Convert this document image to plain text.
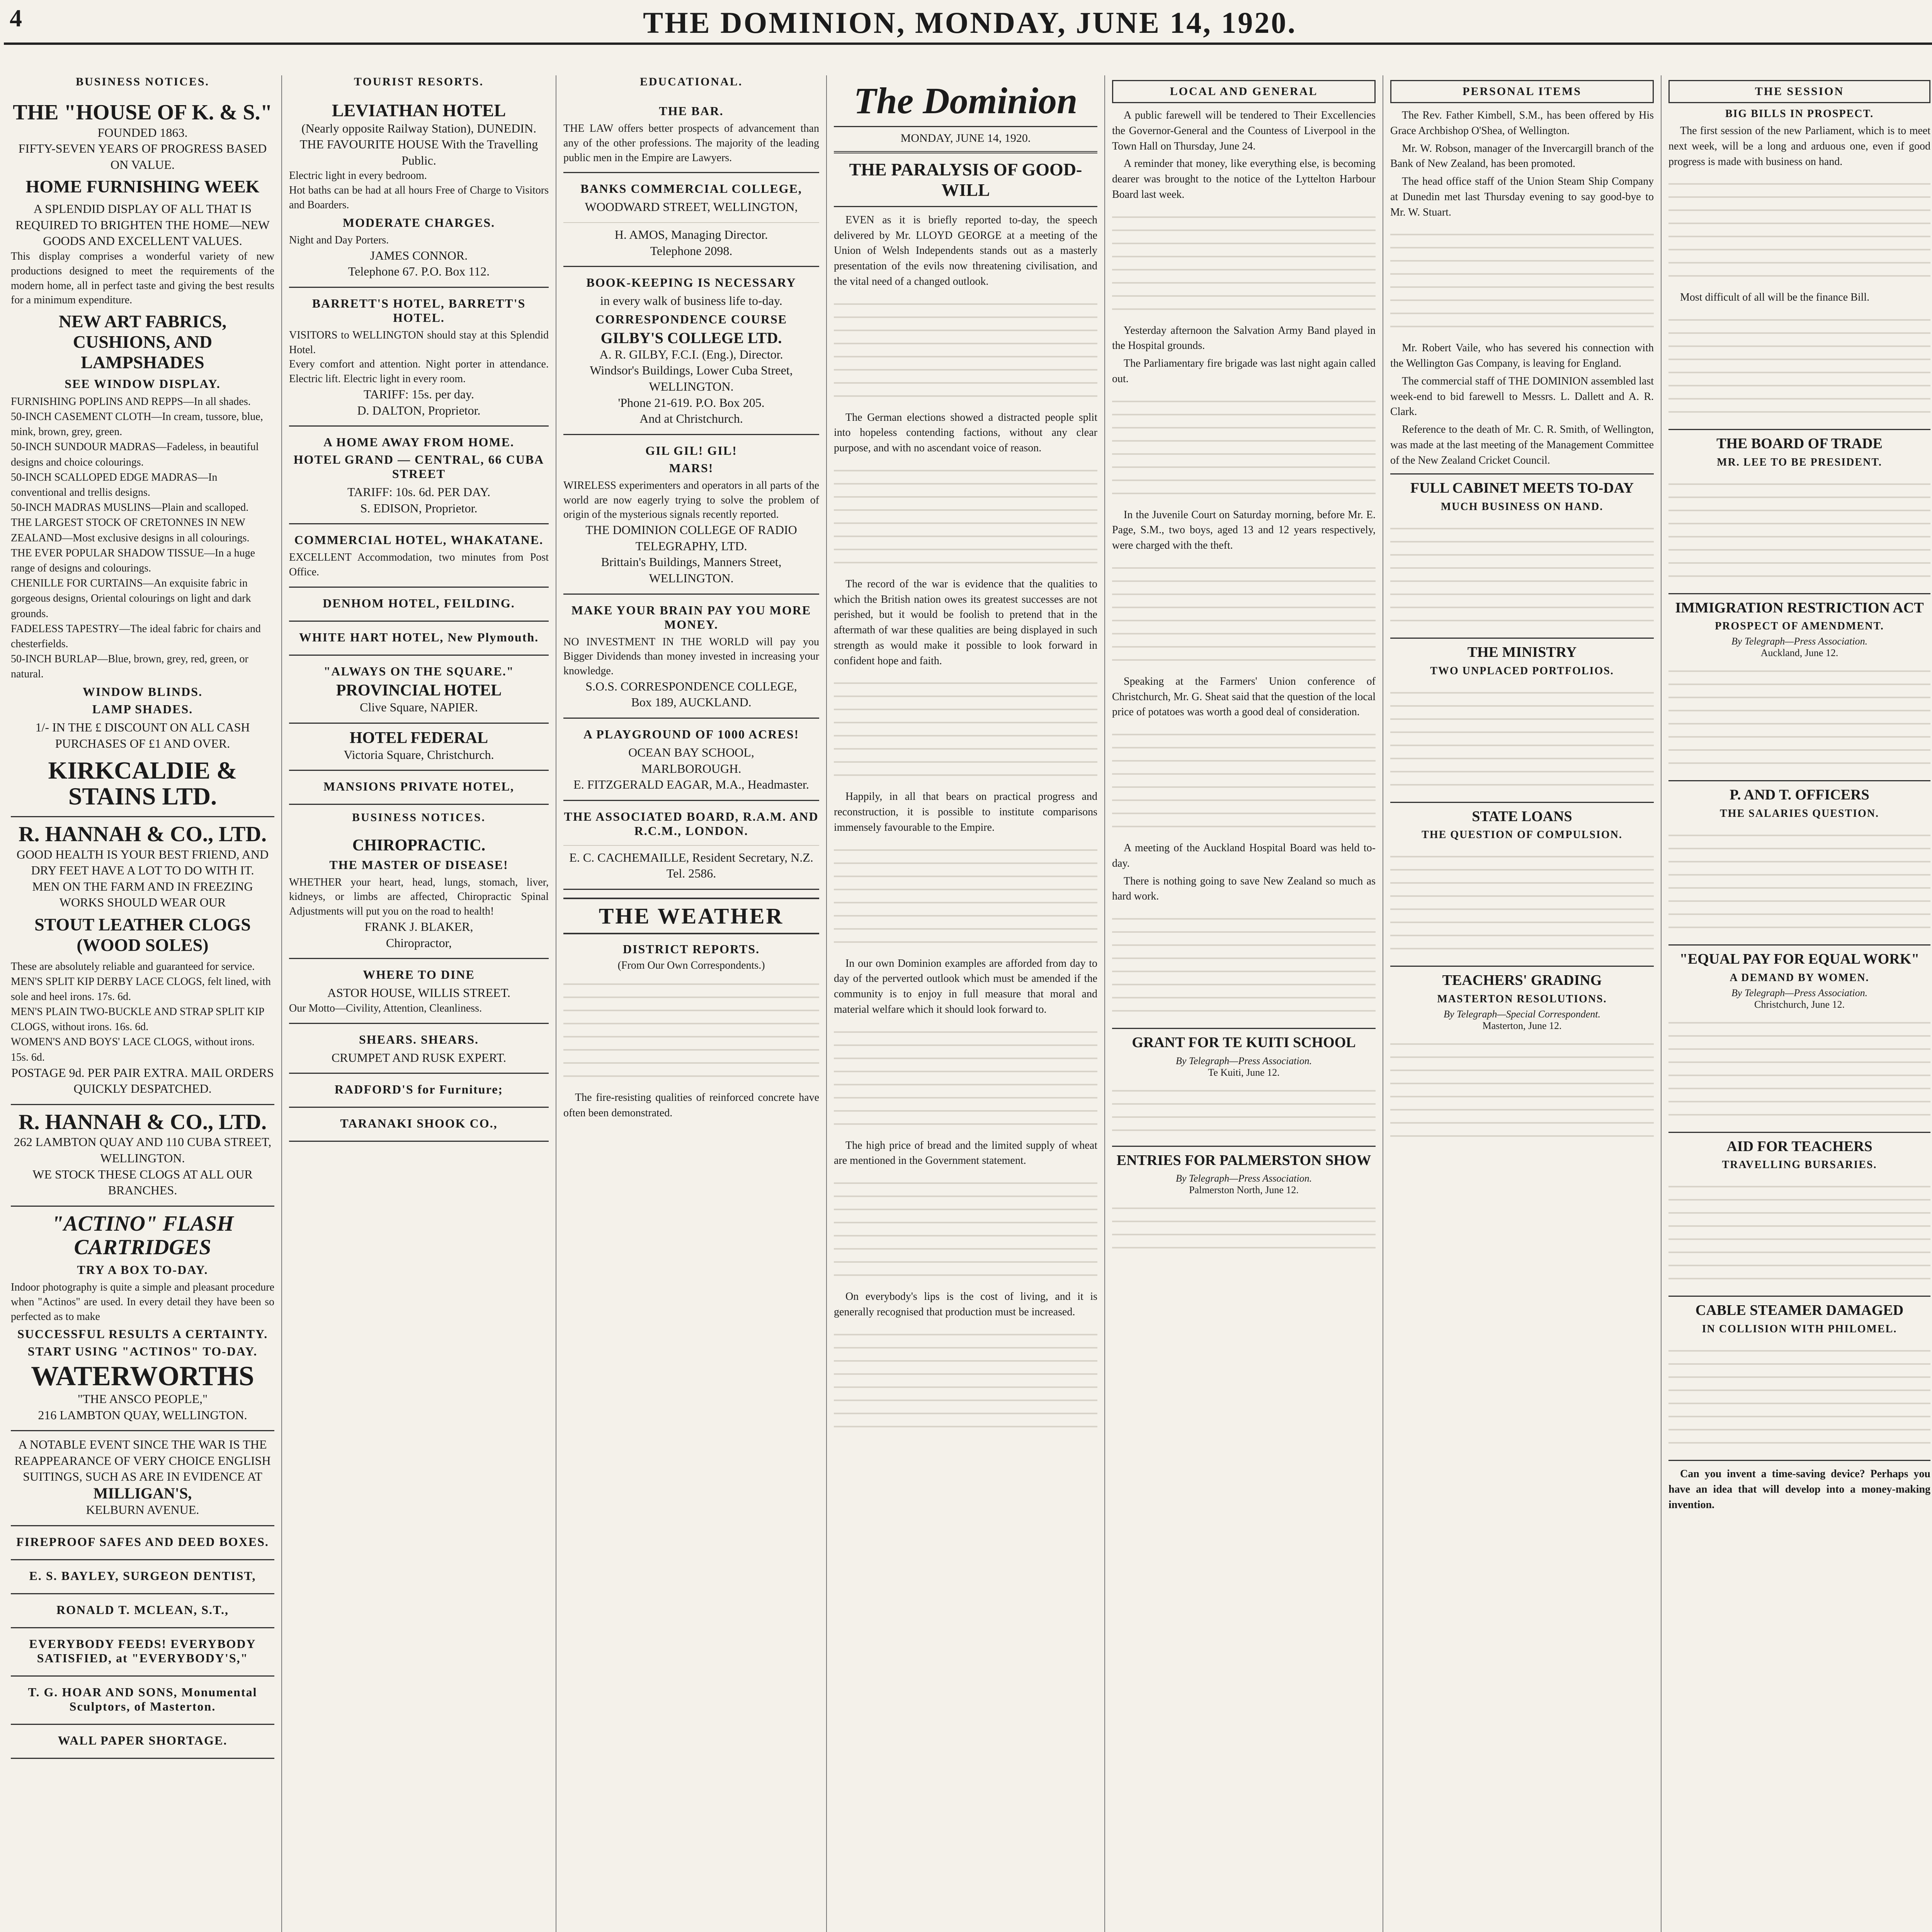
4	THE DOMINION, MONDAY, JUNE 14, 1920.
BUSINESS NOTICES.
THE "HOUSE OF K. & S."
FOUNDED 1863.
FIFTY-SEVEN YEARS OF PROGRESS BASED ON VALUE.
HOME FURNISHING WEEK
A SPLENDID DISPLAY OF ALL THAT IS REQUIRED TO BRIGHTEN THE HOME—NEW GOODS AND EXCELLENT VALUES.
This display comprises a wonderful variety of new productions designed to meet the requirements of the modern home, all in perfect taste and giving the best results for a minimum expenditure.
NEW ART FABRICS, CUSHIONS, AND LAMPSHADES
SEE WINDOW DISPLAY.
FURNISHING POPLINS AND REPPS—In all shades.
50-INCH CASEMENT CLOTH—In cream, tussore, blue, mink, brown, grey, green.
50-INCH SUNDOUR MADRAS—Fadeless, in beautiful designs and choice colourings.
50-INCH SCALLOPED EDGE MADRAS—In conventional and trellis designs.
50-INCH MADRAS MUSLINS—Plain and scalloped.
THE LARGEST STOCK OF CRETONNES IN NEW ZEALAND—Most exclusive designs in all colourings.
THE EVER POPULAR SHADOW TISSUE—In a huge range of designs and colourings.
CHENILLE FOR CURTAINS—An exquisite fabric in gorgeous designs, Oriental colourings on light and dark grounds.
FADELESS TAPESTRY—The ideal fabric for chairs and chesterfields.
50-INCH BURLAP—Blue, brown, grey, red, green, or natural.
WINDOW BLINDS.
LAMP SHADES.
1/- IN THE £ DISCOUNT ON ALL CASH PURCHASES OF £1 AND OVER.
KIRKCALDIE & STAINS LTD.
R. HANNAH & CO., LTD.
GOOD HEALTH IS YOUR BEST FRIEND, AND DRY FEET HAVE A LOT TO DO WITH IT.
MEN ON THE FARM AND IN FREEZING WORKS SHOULD WEAR OUR
STOUT LEATHER CLOGS (WOOD SOLES)
These are absolutely reliable and guaranteed for service.
MEN'S SPLIT KIP DERBY LACE CLOGS, felt lined, with sole and heel irons. 17s. 6d.
MEN'S PLAIN TWO-BUCKLE AND STRAP SPLIT KIP CLOGS, without irons. 16s. 6d.
WOMEN'S AND BOYS' LACE CLOGS, without irons. 15s. 6d.
POSTAGE 9d. PER PAIR EXTRA. MAIL ORDERS QUICKLY DESPATCHED.
R. HANNAH & CO., LTD.
262 LAMBTON QUAY AND 110 CUBA STREET, WELLINGTON.
WE STOCK THESE CLOGS AT ALL OUR BRANCHES.
"ACTINO" FLASH CARTRIDGES
TRY A BOX TO-DAY.
Indoor photography is quite a simple and pleasant procedure when "Actinos" are used. In every detail they have been so perfected as to make
SUCCESSFUL RESULTS A CERTAINTY.
START USING "ACTINOS" TO-DAY.
WATERWORTHS
"THE ANSCO PEOPLE,"
216 LAMBTON QUAY, WELLINGTON.
A NOTABLE EVENT SINCE THE WAR IS THE REAPPEARANCE OF VERY CHOICE ENGLISH SUITINGS, SUCH AS ARE IN EVIDENCE AT
MILLIGAN'S,
KELBURN AVENUE.
FIREPROOF SAFES AND DEED BOXES.
E. S. BAYLEY, SURGEON DENTIST,
RONALD T. MCLEAN, S.T.,
EVERYBODY FEEDS! EVERYBODY SATISFIED, at "EVERYBODY'S,"
T. G. HOAR AND SONS, Monumental Sculptors, of Masterton.
WALL PAPER SHORTAGE.
TOURIST RESORTS.
LEVIATHAN HOTEL
(Nearly opposite Railway Station), DUNEDIN.
THE FAVOURITE HOUSE With the Travelling Public.
Electric light in every bedroom.
Hot baths can be had at all hours Free of Charge to Visitors and Boarders.
MODERATE CHARGES.
Night and Day Porters.
JAMES CONNOR.
Telephone 67. P.O. Box 112.
BARRETT'S HOTEL, BARRETT'S HOTEL.
VISITORS to WELLINGTON should stay at this Splendid Hotel.
Every comfort and attention. Night porter in attendance. Electric lift. Electric light in every room.
TARIFF: 15s. per day.
D. DALTON, Proprietor.
A HOME AWAY FROM HOME.
HOTEL GRAND — CENTRAL, 66 CUBA STREET
TARIFF: 10s. 6d. PER DAY.
S. EDISON, Proprietor.
COMMERCIAL HOTEL, WHAKATANE.
EXCELLENT Accommodation, two minutes from Post Office.
DENHOM HOTEL, FEILDING.
WHITE HART HOTEL, New Plymouth.
"ALWAYS ON THE SQUARE."
PROVINCIAL HOTEL
Clive Square, NAPIER.
HOTEL FEDERAL
Victoria Square, Christchurch.
MANSIONS PRIVATE HOTEL,
BUSINESS NOTICES.
CHIROPRACTIC.
THE MASTER OF DISEASE!
WHETHER your heart, head, lungs, stomach, liver, kidneys, or limbs are affected, Chiropractic Spinal Adjustments will put you on the road to health!
FRANK J. BLAKER,
Chiropractor,
WHERE TO DINE
ASTOR HOUSE, WILLIS STREET.
Our Motto—Civility, Attention, Cleanliness.
SHEARS. SHEARS.
CRUMPET AND RUSK EXPERT.
RADFORD'S for Furniture;
TARANAKI SHOOK CO.,
EDUCATIONAL.
THE BAR.
THE LAW offers better prospects of advancement than any of the other professions. The majority of the leading public men in the Empire are Lawyers.
BANKS COMMERCIAL COLLEGE,
WOODWARD STREET, WELLINGTON,
H. AMOS, Managing Director.
Telephone 2098.
BOOK-KEEPING IS NECESSARY
in every walk of business life to-day.
CORRESPONDENCE COURSE
GILBY'S COLLEGE LTD.
A. R. GILBY, F.C.I. (Eng.), Director.
Windsor's Buildings, Lower Cuba Street, WELLINGTON.
'Phone 21-619. P.O. Box 205.
And at Christchurch.
GIL GIL! GIL!
MARS!
WIRELESS experimenters and operators in all parts of the world are now eagerly trying to solve the problem of origin of the mysterious signals recently reported.
THE DOMINION COLLEGE OF RADIO TELEGRAPHY, LTD.
Brittain's Buildings, Manners Street, WELLINGTON.
MAKE YOUR BRAIN PAY YOU MORE MONEY.
NO INVESTMENT IN THE WORLD will pay you Bigger Dividends than money invested in increasing your knowledge.
S.O.S. CORRESPONDENCE COLLEGE,
Box 189, AUCKLAND.
A PLAYGROUND OF 1000 ACRES!
OCEAN BAY SCHOOL,
MARLBOROUGH.
E. FITZGERALD EAGAR, M.A., Headmaster.
THE ASSOCIATED BOARD, R.A.M. AND R.C.M., LONDON.
E. C. CACHEMAILLE, Resident Secretary, N.Z.
Tel. 2586.
THE WEATHER
DISTRICT REPORTS.
(From Our Own Correspondents.)
The fire-resisting qualities of reinforced concrete have often been demonstrated.
The Dominion
MONDAY, JUNE 14, 1920.
THE PARALYSIS OF GOOD-WILL
EVEN as it is briefly reported to-day, the speech delivered by Mr. LLOYD GEORGE at a meeting of the Union of Welsh Independents stands out as a masterly presentation of the evils now threatening civilisation, and the vital need of a changed outlook.
The German elections showed a distracted people split into hopeless contending factions, without any clear purpose, and with no ascendant voice of reason.
The record of the war is evidence that the qualities to which the British nation owes its greatest successes are not perished, but it would be foolish to pretend that in the aftermath of war these qualities are being displayed in such strength as would make it possible to look forward in confident hope and faith.
Happily, in all that bears on practical progress and reconstruction, it is possible to institute comparisons immensely favourable to the Empire.
In our own Dominion examples are afforded from day to day of the perverted outlook which must be amended if the community is to enjoy in full measure that moral and material welfare which it should look forward to.
The high price of bread and the limited supply of wheat are mentioned in the Government statement.
On everybody's lips is the cost of living, and it is generally recognised that production must be increased.
LOCAL AND GENERAL
A public farewell will be tendered to Their Excellencies the Governor-General and the Countess of Liverpool in the Town Hall on Thursday, June 24.
A reminder that money, like everything else, is becoming dearer was brought to the notice of the Lyttelton Harbour Board last week.
Yesterday afternoon the Salvation Army Band played in the Hospital grounds.
The Parliamentary fire brigade was last night again called out.
In the Juvenile Court on Saturday morning, before Mr. E. Page, S.M., two boys, aged 13 and 12 years respectively, were charged with the theft.
Speaking at the Farmers' Union conference of Christchurch, Mr. G. Sheat said that the question of the local price of potatoes was worth a good deal of consideration.
A meeting of the Auckland Hospital Board was held to-day.
There is nothing going to save New Zealand so much as hard work.
GRANT FOR TE KUITI SCHOOL
By Telegraph—Press Association.
Te Kuiti, June 12.
ENTRIES FOR PALMERSTON SHOW
By Telegraph—Press Association.
Palmerston North, June 12.
PERSONAL ITEMS
The Rev. Father Kimbell, S.M., has been offered by His Grace Archbishop O'Shea, of Wellington.
Mr. W. Robson, manager of the Invercargill branch of the Bank of New Zealand, has been promoted.
The head office staff of the Union Steam Ship Company at Dunedin met last Thursday evening to say good-bye to Mr. W. Stuart.
Mr. Robert Vaile, who has severed his connection with the Wellington Gas Company, is leaving for England.
The commercial staff of THE DOMINION assembled last week-end to bid farewell to Messrs. L. Dallett and A. R. Clark.
Reference to the death of Mr. C. R. Smith, of Wellington, was made at the last meeting of the Management Committee of the New Zealand Cricket Council.
FULL CABINET MEETS TO-DAY
MUCH BUSINESS ON HAND.
THE MINISTRY
TWO UNPLACED PORTFOLIOS.
STATE LOANS
THE QUESTION OF COMPULSION.
TEACHERS' GRADING
MASTERTON RESOLUTIONS.
By Telegraph—Special Correspondent.
Masterton, June 12.
THE SESSION
BIG BILLS IN PROSPECT.
The first session of the new Parliament, which is to meet next week, will be a long and arduous one, even if good progress is made with business on hand.
Most difficult of all will be the finance Bill.
THE BOARD OF TRADE
MR. LEE TO BE PRESIDENT.
IMMIGRATION RESTRICTION ACT
PROSPECT OF AMENDMENT.
By Telegraph—Press Association.
Auckland, June 12.
P. AND T. OFFICERS
THE SALARIES QUESTION.
"EQUAL PAY FOR EQUAL WORK"
A DEMAND BY WOMEN.
By Telegraph—Press Association.
Christchurch, June 12.
AID FOR TEACHERS
TRAVELLING BURSARIES.
CABLE STEAMER DAMAGED
IN COLLISION WITH PHILOMEL.
Can you invent a time-saving device? Perhaps you have an idea that will develop into a money-making invention.
